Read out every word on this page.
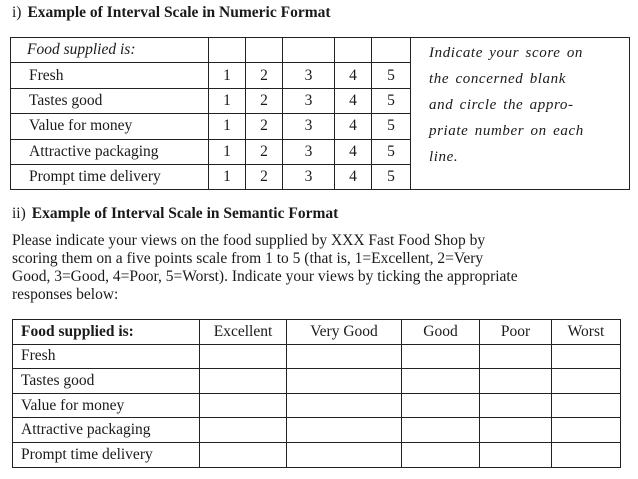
i) Example of Interval Scale in Numeric Format
Food supplied is:						Indicate your score on
the concerned blank
and circle the appro-
priate number on each
line.

Fresh	1	2	3	4	5	
Tastes good	1	2	3	4	5	
Value for money	1	2	3	4	5	
Attractive packaging	1	2	3	4	5	
Prompt time delivery	1	2	3	4	5	
ii) Example of Interval Scale in Semantic Format
Please indicate your views on the food supplied by XXX Fast Food Shop by
scoring them on a five points scale from 1 to 5 (that is, 1=Excellent, 2=Very
Good, 3=Good, 4=Poor, 5=Worst). Indicate your views by ticking the appropriate
responses below:
Food supplied is:	Excellent	Very Good	Good	Poor	Worst
Fresh					
Tastes good					
Value for money					
Attractive packaging					
Prompt time delivery					
